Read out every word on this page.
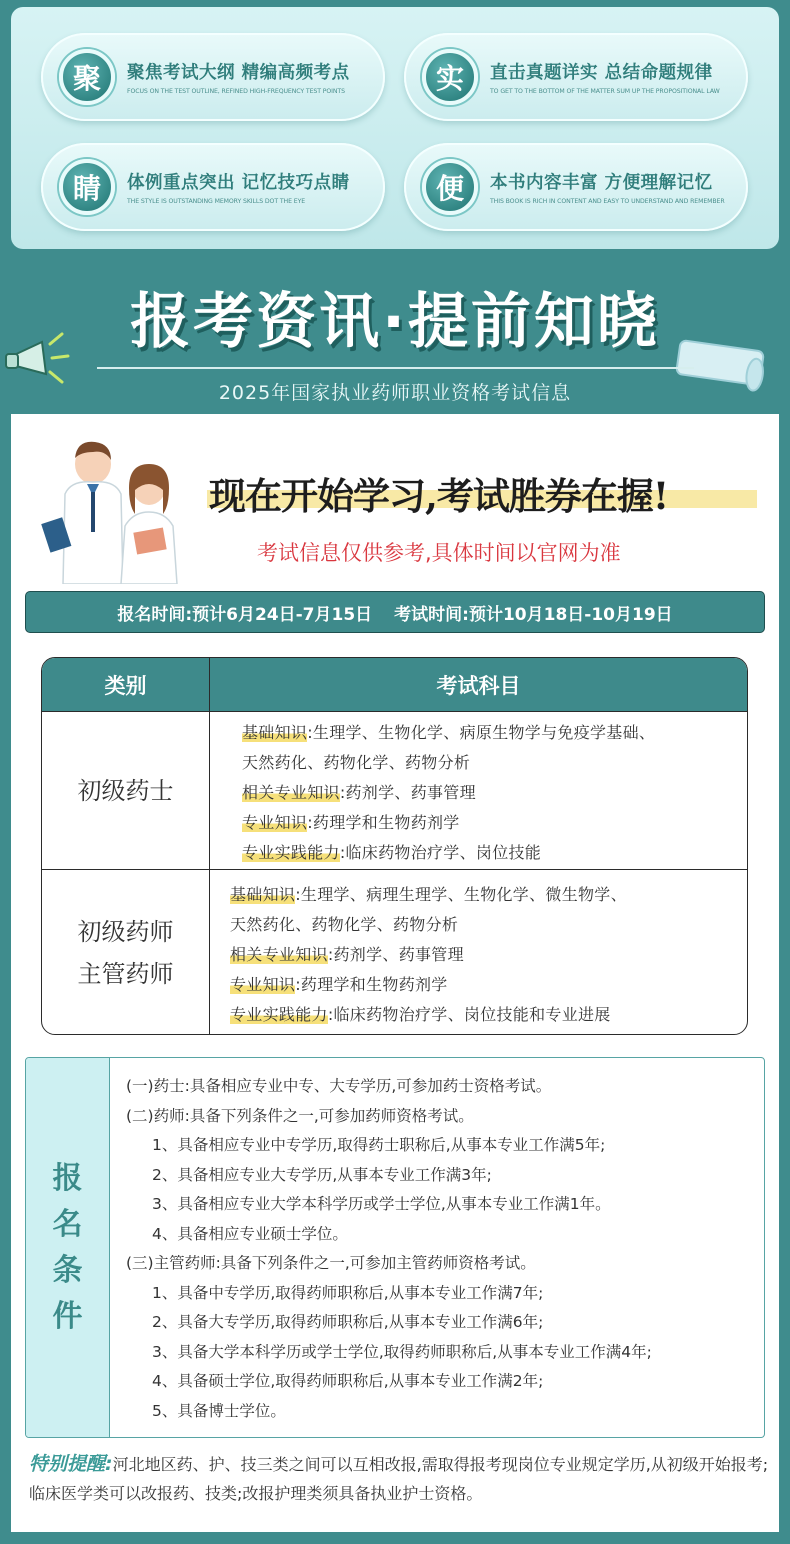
聚	聚焦考试大纲 精编高频考点
FOCUS ON THE TEST OUTLINE, REFINED HIGH-FREQUENCY TEST POINTS	实	直击真题详实 总结命题规律
TO GET TO THE BOTTOM OF THE MATTER SUM UP THE PROPOSITIONAL LAW
睛	体例重点突出 记忆技巧点睛
THE STYLE IS OUTSTANDING MEMORY SKILLS DOT THE EYE	便	本书内容丰富 方便理解记忆
THIS BOOK IS RICH IN CONTENT AND EASY TO UNDERSTAND AND REMEMBER
报考资讯·提前知晓
2025年国家执业药师职业资格考试信息
现在开始学习,考试胜券在握!
考试信息仅供参考,具体时间以官网为准
报名时间:预计6月24日-7月15日 考试时间:预计10月18日-10月19日
类别	考试科目
初级药士
基础知识:生理学、生物化学、病原生物学与免疫学基础、
天然药化、药物化学、药物分析
相关专业知识:药剂学、药事管理
专业知识:药理学和生物药剂学
专业实践能力:临床药物治疗学、岗位技能
初级药师
主管药师
基础知识:生理学、病理生理学、生物化学、微生物学、
天然药化、药物化学、药物分析
相关专业知识:药剂学、药事管理
专业知识:药理学和生物药剂学
专业实践能力:临床药物治疗学、岗位技能和专业进展
报
名
条
件
(一)药士:具备相应专业中专、大专学历,可参加药士资格考试。
(二)药师:具备下列条件之一,可参加药师资格考试。
1、具备相应专业中专学历,取得药士职称后,从事本专业工作满5年;
2、具备相应专业大专学历,从事本专业工作满3年;
3、具备相应专业大学本科学历或学士学位,从事本专业工作满1年。
4、具备相应专业硕士学位。
(三)主管药师:具备下列条件之一,可参加主管药师资格考试。
1、具备中专学历,取得药师职称后,从事本专业工作满7年;
2、具备大专学历,取得药师职称后,从事本专业工作满6年;
3、具备大学本科学历或学士学位,取得药师职称后,从事本专业工作满4年;
4、具备硕士学位,取得药师职称后,从事本专业工作满2年;
5、具备博士学位。
特别提醒:河北地区药、护、技三类之间可以互相改报,需取得报考现岗位专业规定学历,从初级开始报考;临床医学类可以改报药、技类;改报护理类须具备执业护士资格。
